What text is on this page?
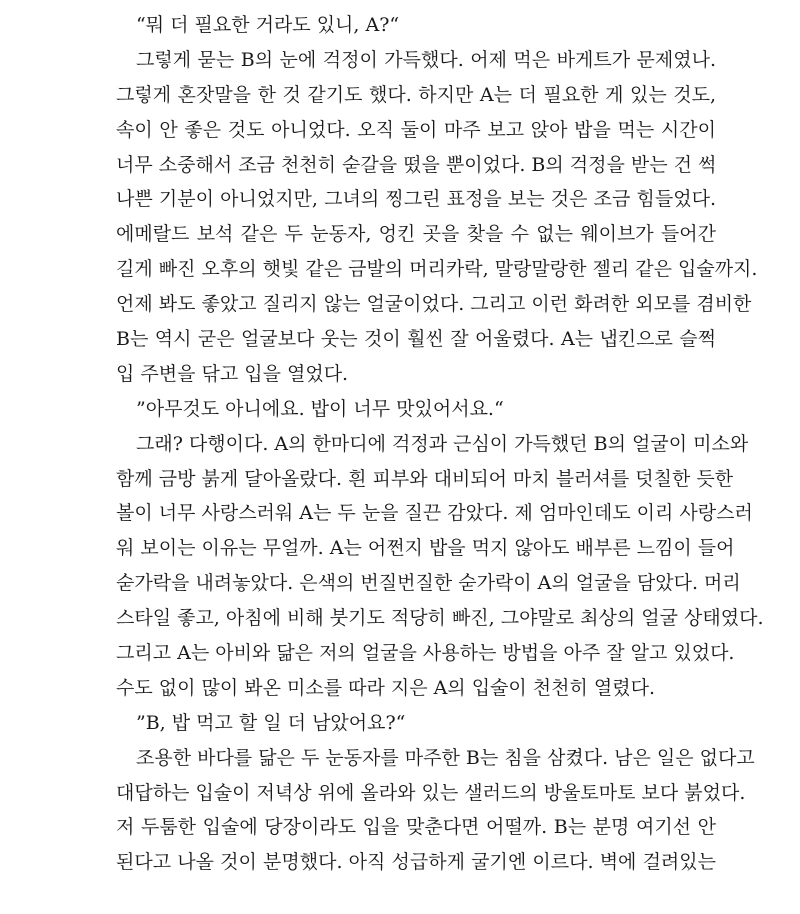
“뭐 더 필요한 거라도 있니, A?“
그렇게 묻는 B의 눈에 걱정이 가득했다. 어제 먹은 바게트가 문제였나.
그렇게 혼잣말을 한 것 같기도 했다. 하지만 A는 더 필요한 게 있는 것도,
속이 안 좋은 것도 아니었다. 오직 둘이 마주 보고 앉아 밥을 먹는 시간이
너무 소중해서 조금 천천히 숟갈을 떴을 뿐이었다. B의 걱정을 받는 건 썩
나쁜 기분이 아니었지만, 그녀의 찡그린 표정을 보는 것은 조금 힘들었다.
에메랄드 보석 같은 두 눈동자, 엉킨 곳을 찾을 수 없는 웨이브가 들어간
길게 빠진 오후의 햇빛 같은 금발의 머리카락, 말랑말랑한 젤리 같은 입술까지.
언제 봐도 좋았고 질리지 않는 얼굴이었다. 그리고 이런 화려한 외모를 겸비한
B는 역시 굳은 얼굴보다 웃는 것이 훨씬 잘 어울렸다. A는 냅킨으로 슬쩍
입 주변을 닦고 입을 열었다.
”아무것도 아니에요. 밥이 너무 맛있어서요.“
그래? 다행이다. A의 한마디에 걱정과 근심이 가득했던 B의 얼굴이 미소와
함께 금방 붉게 달아올랐다. 흰 피부와 대비되어 마치 블러셔를 덧칠한 듯한
볼이 너무 사랑스러워 A는 두 눈을 질끈 감았다. 제 엄마인데도 이리 사랑스러
워 보이는 이유는 무얼까. A는 어쩐지 밥을 먹지 않아도 배부른 느낌이 들어
숟가락을 내려놓았다. 은색의 번질번질한 숟가락이 A의 얼굴을 담았다. 머리
스타일 좋고, 아침에 비해 붓기도 적당히 빠진, 그야말로 최상의 얼굴 상태였다.
그리고 A는 아비와 닮은 저의 얼굴을 사용하는 방법을 아주 잘 알고 있었다.
수도 없이 많이 봐온 미소를 따라 지은 A의 입술이 천천히 열렸다.
”B, 밥 먹고 할 일 더 남았어요?“
조용한 바다를 닮은 두 눈동자를 마주한 B는 침을 삼켰다. 남은 일은 없다고
대답하는 입술이 저녁상 위에 올라와 있는 샐러드의 방울토마토 보다 붉었다.
저 두툼한 입술에 당장이라도 입을 맞춘다면 어떨까. B는 분명 여기선 안
된다고 나올 것이 분명했다. 아직 성급하게 굴기엔 이르다. 벽에 걸려있는
